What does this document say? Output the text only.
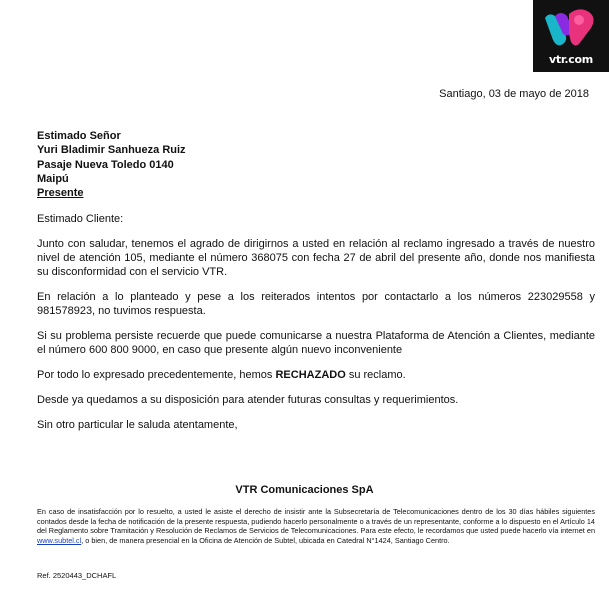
vtr.com
Santiago, 03 de mayo de 2018
Estimado Señor
Yuri Bladimir Sanhueza Ruiz
Pasaje Nueva Toledo 0140
Maipú
Presente

Estimado Cliente:

Junto con saludar, tenemos el agrado de dirigirnos a usted en relación al reclamo ingresado a través de nuestro nivel de atención 105, mediante el número 368075 con fecha 27 de abril del presente año, donde nos manifiesta su disconformidad con el servicio VTR.

En relación a lo planteado y pese a los reiterados intentos por contactarlo a los números 223029558 y 981578923, no tuvimos respuesta.

Si su problema persiste recuerde que puede comunicarse a nuestra Plataforma de Atención a Clientes, mediante el número 600 800 9000, en caso que presente algún nuevo inconveniente

Por todo lo expresado precedentemente, hemos RECHAZADO su reclamo.

Desde ya quedamos a su disposición para atender futuras consultas y requerimientos.

Sin otro particular le saluda atentamente,

VTR Comunicaciones SpA
En caso de insatisfacción por lo resuelto, a usted le asiste el derecho de insistir ante la Subsecretaría de Telecomunicaciones dentro de los 30 días hábiles siguientes contados desde la fecha de notificación de la presente respuesta, pudiendo hacerlo personalmente o a través de un representante, conforme a lo dispuesto en el Artículo 14 del Reglamento sobre Tramitación y Resolución de Reclamos de Servicios de Telecomunicaciones. Para este efecto, le recordamos que usted puede hacerlo vía internet en www.subtel.cl, o bien, de manera presencial en la Oficina de Atención de Subtel, ubicada en Catedral N°1424, Santiago Centro.
Ref. 2520443_DCHAFL
